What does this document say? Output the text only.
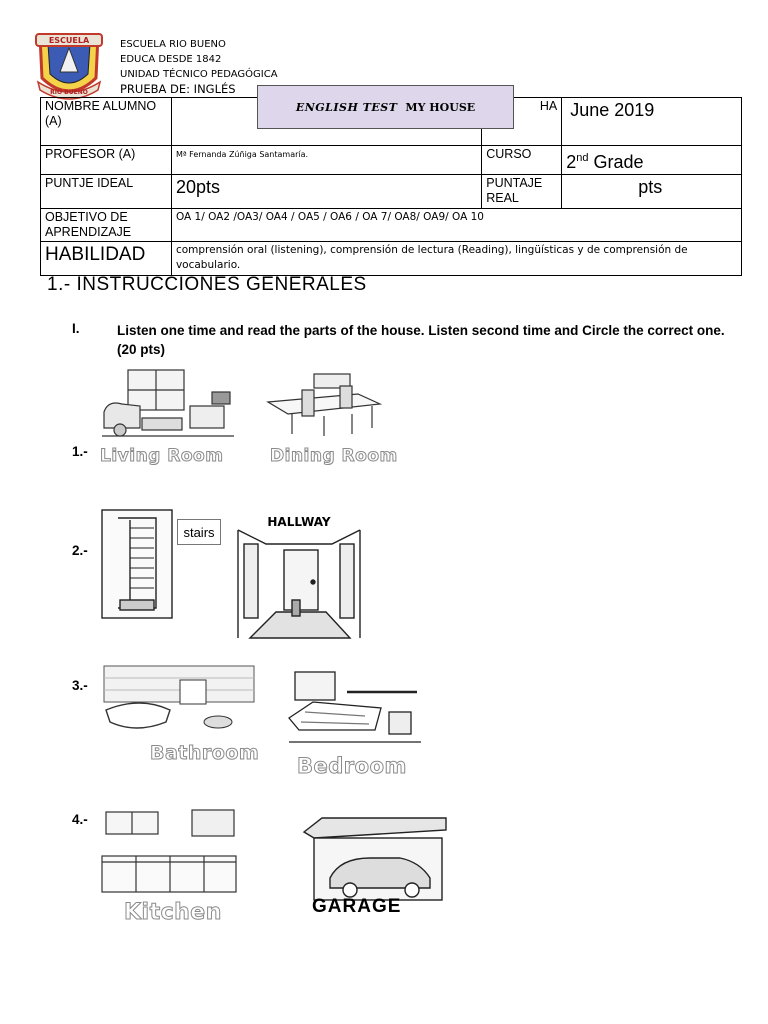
ESCUELA
RIO BUENO
ESCUELA RIO BUENO
EDUCA DESDE 1842
UNIDAD TÉCNICO PEDAGÓGICA
PRUEBA DE: INGLÉS
NOMBRE ALUMNO (A)		HA	June 2019
PROFESOR (A)	Mª Fernanda Zúñiga Santamaría.	CURSO	2nd Grade
PUNTJE IDEAL	20pts	PUNTAJE REAL	pts
OBJETIVO DE APRENDIZAJE	OA 1/ OA2 /OA3/ OA4 / OA5 / OA6 / OA 7/ OA8/ OA9/ OA 10		
HABILIDAD	comprensión oral (listening), comprensión de lectura (Reading), lingüísticas y de comprensión de vocabulario.		
ENGLISH TEST MY HOUSE
1.- INSTRUCCIONES GENERALES
I.	Listen one time and read the parts of the house. Listen second time and Circle the correct one. (20 pts)
1.- Living Room	Dining Room
2.-
stairs
HALLWAY
3.-
Bathroom
Bedroom
4.-
Kitchen	GARAGE
